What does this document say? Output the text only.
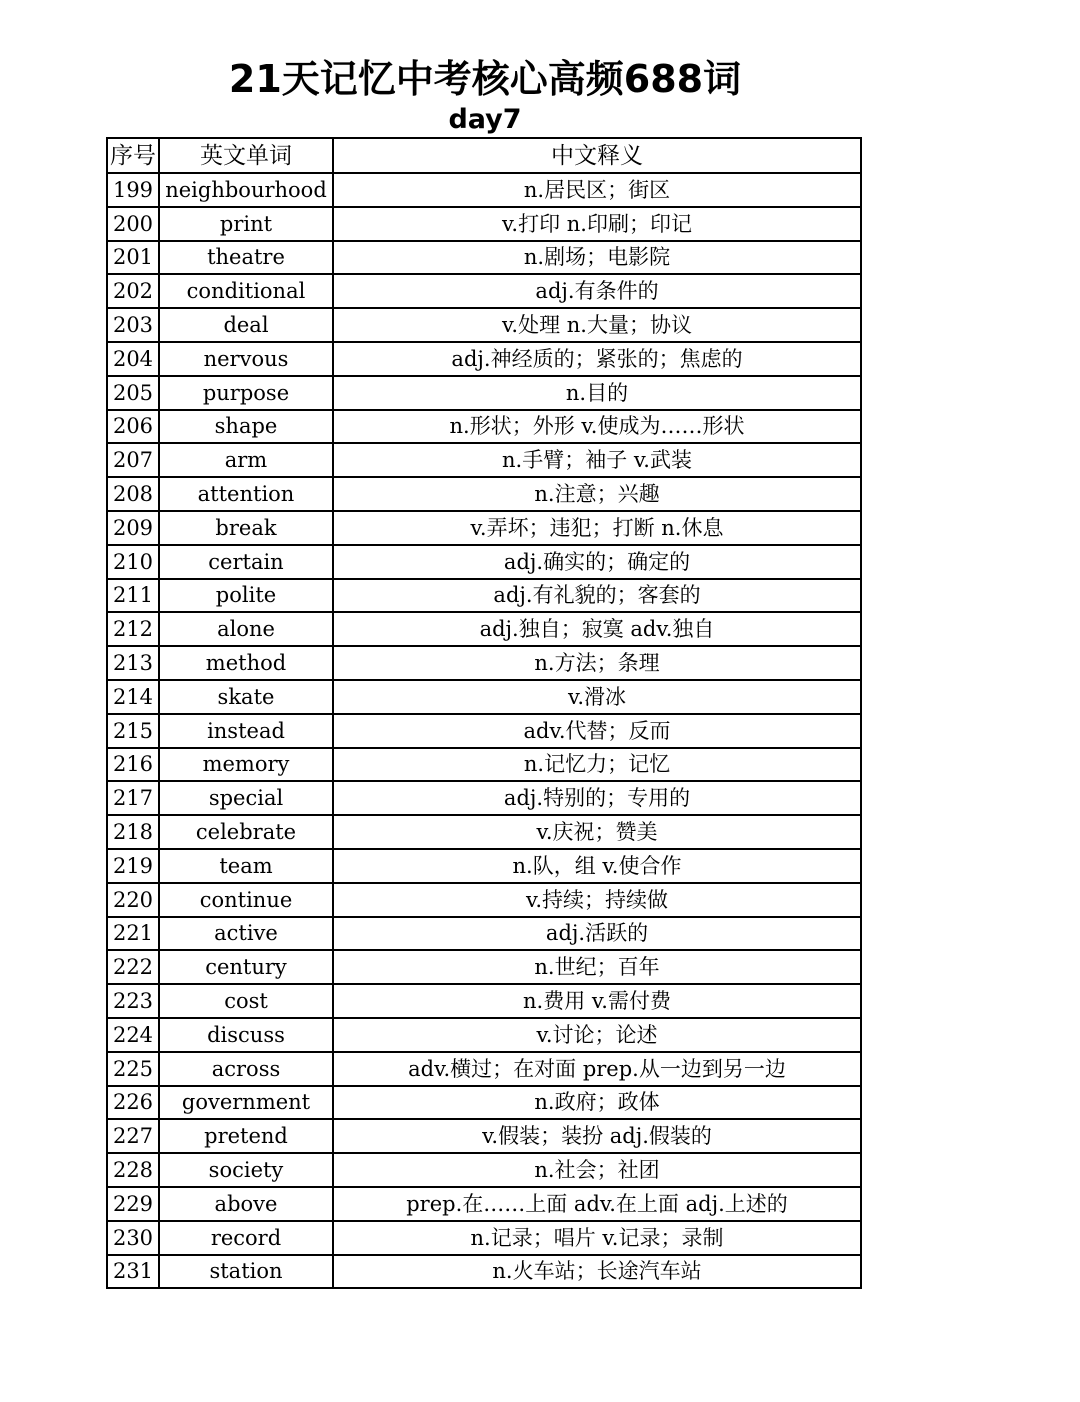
21天记忆中考核心高频688词
day7
序号	英文单词	中文释义
199	neighbourhood	n.居民区；街区
200	print	v.打印 n.印刷；印记
201	theatre	n.剧场；电影院
202	conditional	adj.有条件的
203	deal	v.处理 n.大量；协议
204	nervous	adj.神经质的；紧张的；焦虑的
205	purpose	n.目的
206	shape	n.形状；外形 v.使成为……形状
207	arm	n.手臂；袖子 v.武装
208	attention	n.注意；兴趣
209	break	v.弄坏；违犯；打断 n.休息
210	certain	adj.确实的；确定的
211	polite	adj.有礼貌的；客套的
212	alone	adj.独自；寂寞 adv.独自
213	method	n.方法；条理
214	skate	v.滑冰
215	instead	adv.代替；反而
216	memory	n.记忆力；记忆
217	special	adj.特别的；专用的
218	celebrate	v.庆祝；赞美
219	team	n.队，组 v.使合作
220	continue	v.持续；持续做
221	active	adj.活跃的
222	century	n.世纪；百年
223	cost	n.费用 v.需付费
224	discuss	v.讨论；论述
225	across	adv.横过；在对面 prep.从一边到另一边
226	government	n.政府；政体
227	pretend	v.假装；装扮 adj.假装的
228	society	n.社会；社团
229	above	prep.在……上面 adv.在上面 adj.上述的
230	record	n.记录；唱片 v.记录；录制
231	station	n.火车站；长途汽车站
